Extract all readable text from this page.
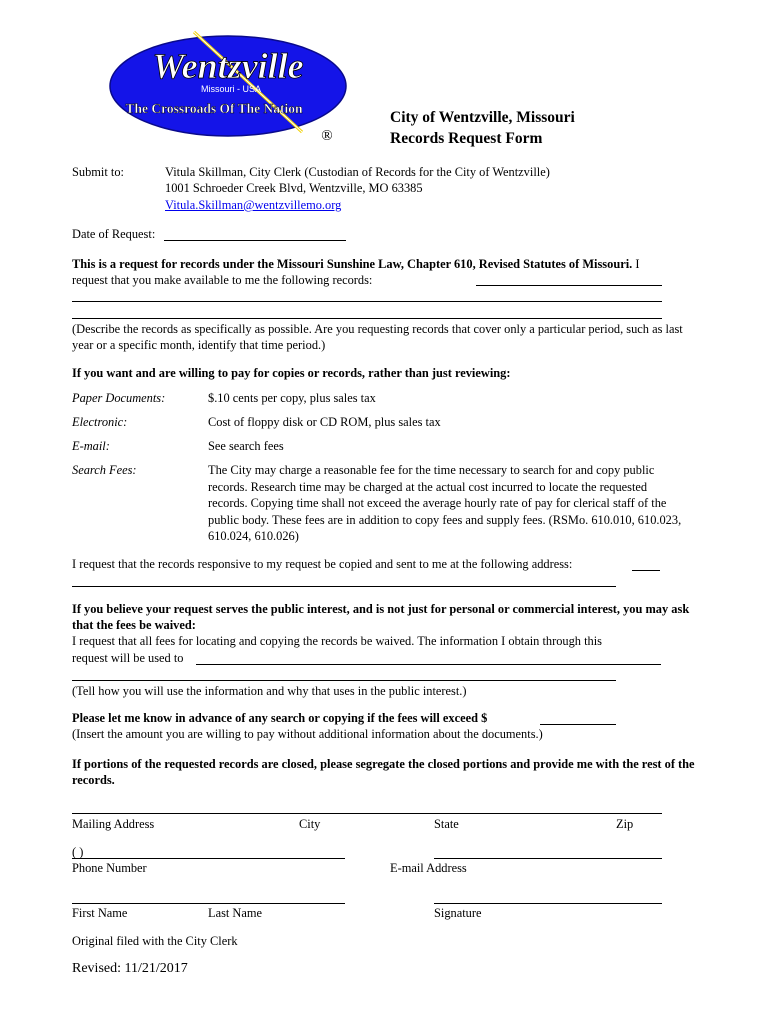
Wentzville
Missouri - USA
The Crossroads Of The Nation
®
City of Wentzville, Missouri
Records Request Form
Submit to:	Vitula Skillman, City Clerk (Custodian of Records for the City of Wentzville)
1001 Schroeder Creek Blvd, Wentzville, MO 63385
Vitula.Skillman@wentzvillemo.org
Date of Request:
This is a request for records under the Missouri Sunshine Law, Chapter 610, Revised Statutes of Missouri. I request that you make available to me the following records:
(Describe the records as specifically as possible. Are you requesting records that cover only a particular period, such as last year or a specific month, identify that time period.)
If you want and are willing to pay for copies or records, rather than just reviewing:
Paper Documents:	$.10 cents per copy, plus sales tax
Electronic:	Cost of floppy disk or CD ROM, plus sales tax
E-mail:	See search fees
Search Fees:	The City may charge a reasonable fee for the time necessary to search for and copy public records. Research time may be charged at the actual cost incurred to locate the requested records. Copying time shall not exceed the average hourly rate of pay for clerical staff of the public body. These fees are in addition to copy fees and supply fees. (RSMo. 610.010, 610.023, 610.024, 610.026)
I request that the records responsive to my request be copied and sent to me at the following address:
If you believe your request serves the public interest, and is not just for personal or commercial interest, you may ask that the fees be waived:
I request that all fees for locating and copying the records be waived. The information I obtain through this
request will be used to
(Tell how you will use the information and why that uses in the public interest.)
Please let me know in advance of any search or copying if the fees will exceed $
(Insert the amount you are willing to pay without additional information about the documents.)
If portions of the requested records are closed, please segregate the closed portions and provide me with the rest of the records.
Mailing Address	City	State	Zip
( )
Phone Number	E-mail Address
First Name	Last Name	Signature
Original filed with the City Clerk
Revised: 11/21/2017
